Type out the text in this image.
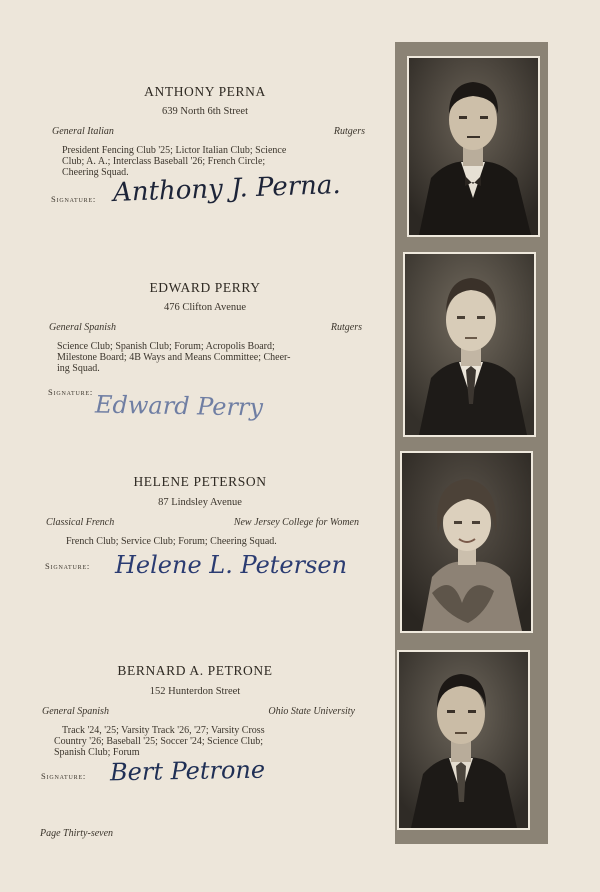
ANTHONY PERNA
639 North 6th Street
General Italian	Rutgers
President Fencing Club '25; Lictor Italian Club; Science
Club; A. A.; Interclass Baseball '26; French Circle;
Cheering Squad.
Signature: Anthony J. Perna.
EDWARD PERRY
476 Clifton Avenue
General Spanish	Rutgers
Science Club; Spanish Club; Forum; Acropolis Board;
Milestone Board; 4B Ways and Means Committee; Cheer-
ing Squad.
Signature: Edward Perry
HELENE PETERSON
87 Lindsley Avenue
Classical French	New Jersey College for Women
French Club; Service Club; Forum; Cheering Squad.
Signature: Helene L. Petersen
BERNARD A. PETRONE
152 Hunterdon Street
General Spanish	Ohio State University
Track '24, '25; Varsity Track '26, '27; Varsity Cross
Country '26; Baseball '25; Soccer '24; Science Club;
Spanish Club; Forum
Signature: Bert Petrone
Page Thirty-seven
